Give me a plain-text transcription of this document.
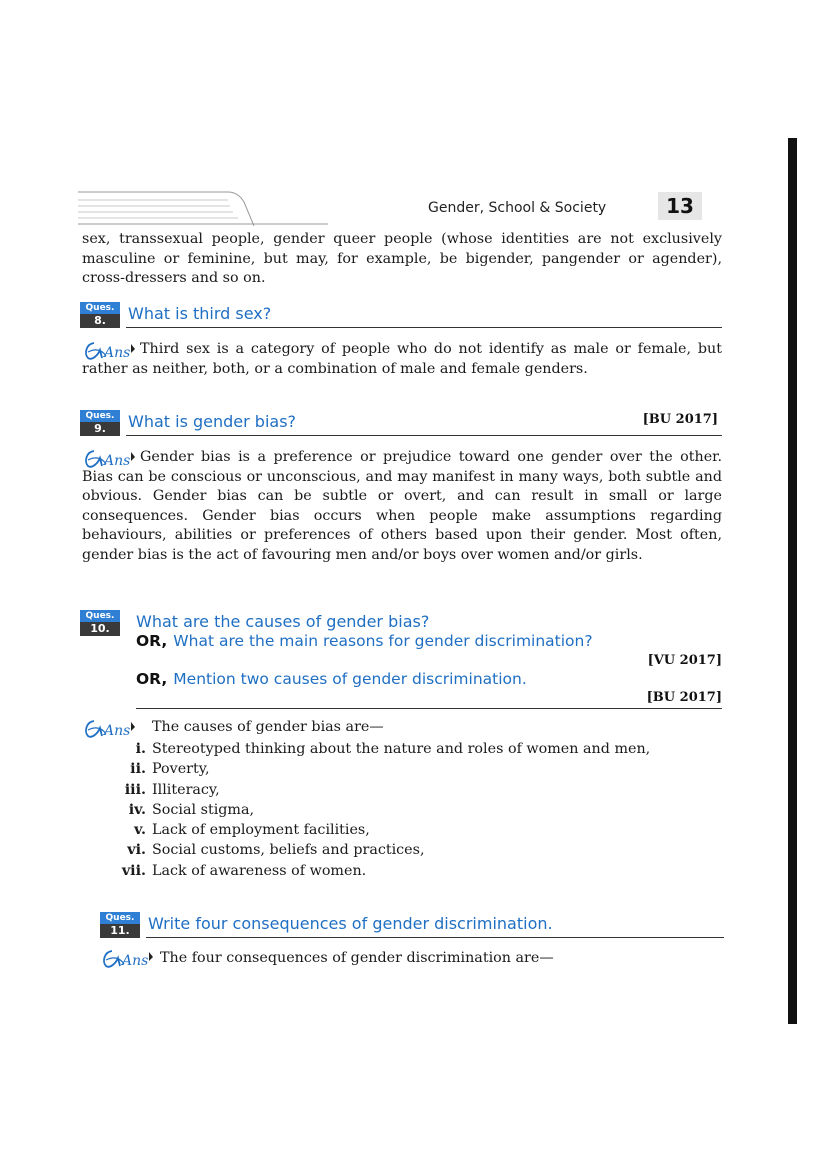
Gender, School & Society	13

sex, transsexual people, gender queer people (whose identities are not exclusively masculine or feminine, but may, for example, be bigender, pangender or agender), cross-dressers and so on.

Ques.
8.	What is third sex?
Ans Third sex is a category of people who do not identify as male or female, but rather as neither, both, or a combination of male and female genders.

Ques.
9.	What is gender bias?	[BU 2017]
Ans Gender bias is a preference or prejudice toward one gender over the other. Bias can be conscious or unconscious, and may manifest in many ways, both subtle and obvious. Gender bias can be subtle or overt, and can result in small or large consequences. Gender bias occurs when people make assumptions regarding behaviours, abilities or preferences of others based upon their gender. Most often, gender bias is the act of favouring men and/or boys over women and/or girls.

Ques.
10.	What are the causes of gender bias?
OR, What are the main reasons for gender discrimination?
[VU 2017]
OR, Mention two causes of gender discrimination.
[BU 2017]
Ans The causes of gender bias are—
i. Stereotyped thinking about the nature and roles of women and men,
ii. Poverty,
iii. Illiteracy,
iv. Social stigma,
v. Lack of employment facilities,
vi. Social customs, beliefs and practices,
vii. Lack of awareness of women.
Ques.
11.	Write four consequences of gender discrimination.
Ans The four consequences of gender discrimination are—
